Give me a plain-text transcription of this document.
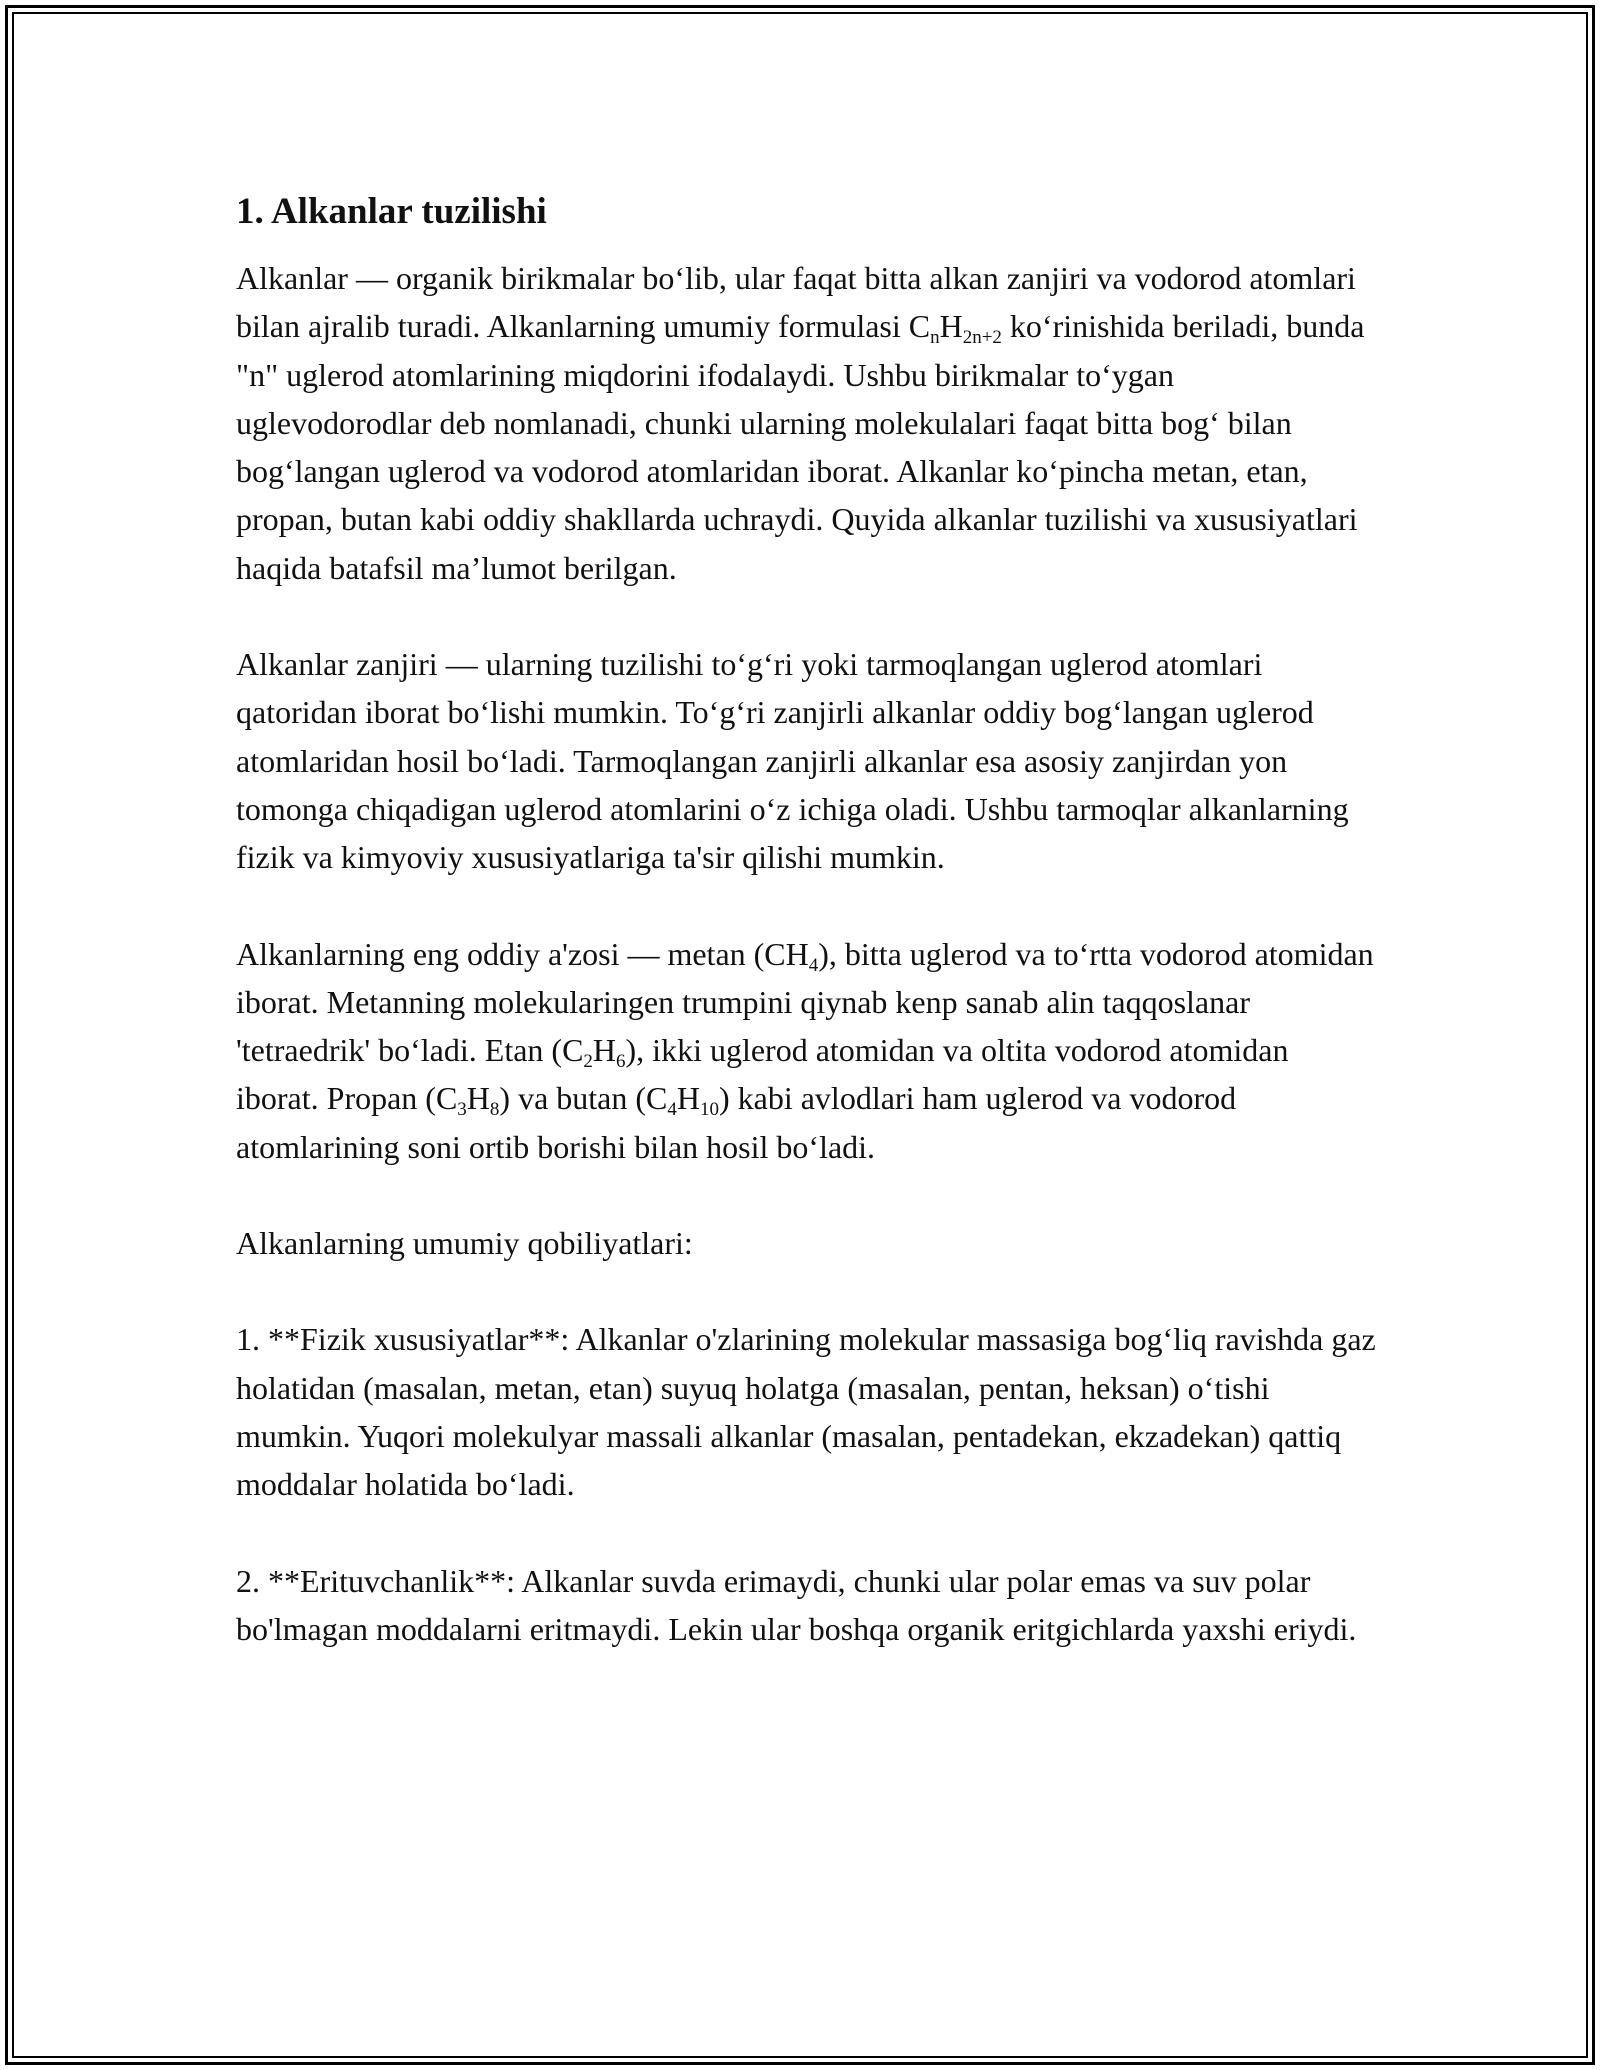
1. Alkanlar tuzilishi

Alkanlar — organik birikmalar bo‘lib, ular faqat bitta alkan zanjiri va vodorod atomlari bilan ajralib turadi. Alkanlarning umumiy formulasi $C_nH_{2n+2}$ ko‘rinishida beriladi, bunda "n" uglerod atomlarining miqdorini ifodalaydi. Ushbu birikmalar to‘ygan uglevodorodlar deb nomlanadi, chunki ularning molekulalari faqat bitta bog‘ bilan bog‘langan uglerod va vodorod atomlaridan iborat. Alkanlar ko‘pincha metan, etan, propan, butan kabi oddiy shakllarda uchraydi. Quyida alkanlar tuzilishi va xususiyatlari haqida batafsil ma’lumot berilgan.

Alkanlar zanjiri — ularning tuzilishi to‘g‘ri yoki tarmoqlangan uglerod atomlari qatoridan iborat bo‘lishi mumkin. To‘g‘ri zanjirli alkanlar oddiy bog‘langan uglerod atomlaridan hosil bo‘ladi. Tarmoqlangan zanjirli alkanlar esa asosiy zanjirdan yon tomonga chiqadigan uglerod atomlarini o‘z ichiga oladi. Ushbu tarmoqlar alkanlarning fizik va kimyoviy xususiyatlariga ta'sir qilishi mumkin.

Alkanlarning eng oddiy a'zosi — metan $(CH_4)$, bitta uglerod va to‘rtta vodorod atomidan iborat. Metanning molekularingen trumpini qiynab kenp sanab alin taqqoslanar 'tetraedrik' bo‘ladi. Etan $(C_2H_6)$, ikki uglerod atomidan va oltita vodorod atomidan iborat. Propan $(C_3H_8)$ va butan $(C_4H_{10})$ kabi avlodlari ham uglerod va vodorod atomlarining soni ortib borishi bilan hosil bo‘ladi.

Alkanlarning umumiy qobiliyatlari:

1. **Fizik xususiyatlar**: Alkanlar o'zlarining molekular massasiga bog‘liq ravishda gaz holatidan (masalan, metan, etan) suyuq holatga (masalan, pentan, heksan) o‘tishi mumkin. Yuqori molekulyar massali alkanlar (masalan, pentadekan, ekzadekan) qattiq moddalar holatida bo‘ladi.

2. **Erituvchanlik**: Alkanlar suvda erimaydi, chunki ular polar emas va suv polar bo'lmagan moddalarni eritmaydi. Lekin ular boshqa organik eritgichlarda yaxshi eriydi.
